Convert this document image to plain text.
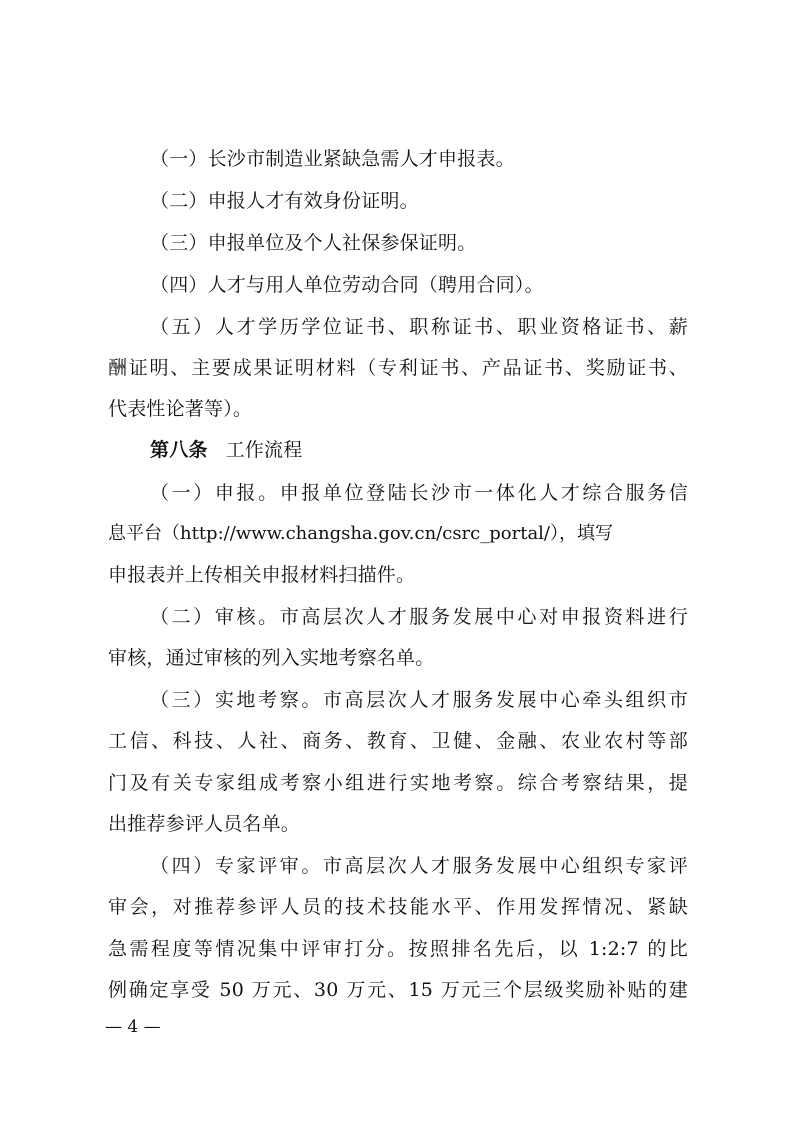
（一）长沙市制造业紧缺急需人才申报表。
（二）申报人才有效身份证明。
（三）申报单位及个人社保参保证明。
（四）人才与用人单位劳动合同（聘用合同）。
（五）人才学历学位证书、职称证书、职业资格证书、薪
酬证明、主要成果证明材料（专利证书、产品证书、奖励证书、
代表性论著等）。
第八条 工作流程
（一）申报。申报单位登陆长沙市一体化人才综合服务信
息平台（http://www.changsha.gov.cn/csrc_portal/），填写
申报表并上传相关申报材料扫描件。
（二）审核。市高层次人才服务发展中心对申报资料进行
审核，通过审核的列入实地考察名单。
（三）实地考察。市高层次人才服务发展中心牵头组织市
工信、科技、人社、商务、教育、卫健、金融、农业农村等部
门及有关专家组成考察小组进行实地考察。综合考察结果，提
出推荐参评人员名单。
（四）专家评审。市高层次人才服务发展中心组织专家评
审会，对推荐参评人员的技术技能水平、作用发挥情况、紧缺
急需程度等情况集中评审打分。按照排名先后，以 1:2:7 的比
例确定享受 50 万元、30 万元、15 万元三个层级奖励补贴的建
— 4 —
